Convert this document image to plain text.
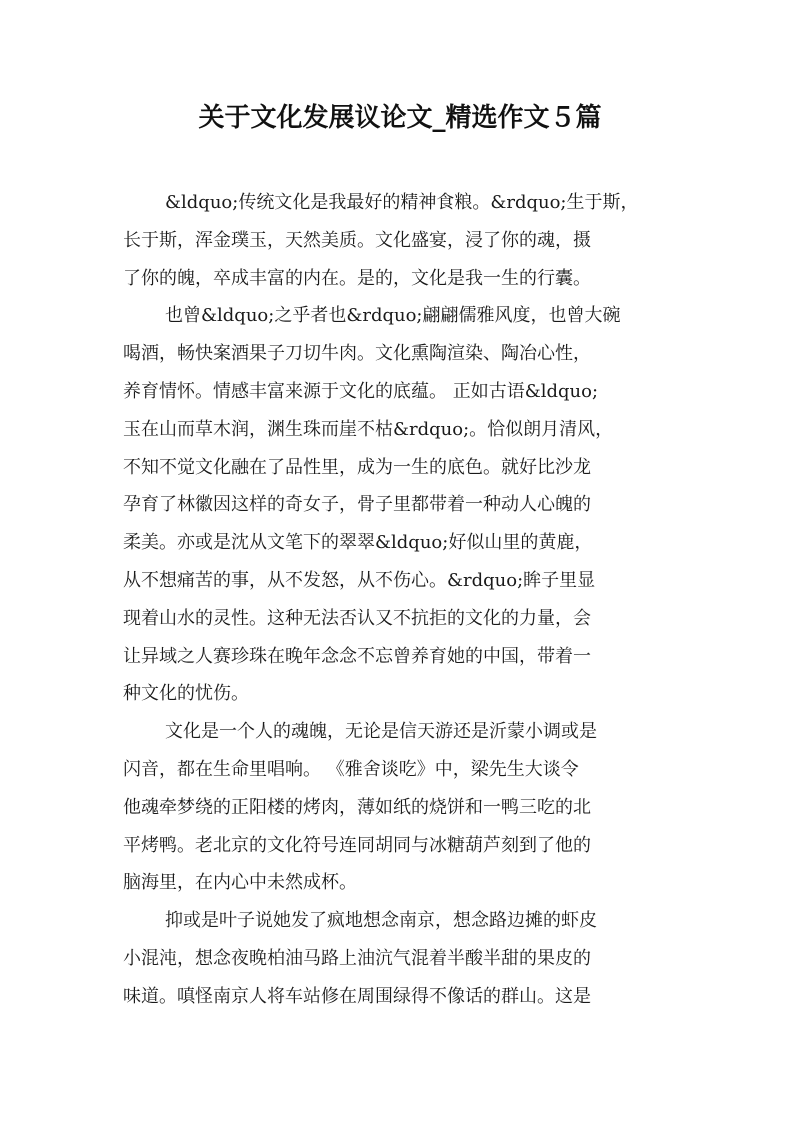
关于文化发展议论文_精选作文５篇
&ldquo;传统文化是我最好的精神食粮。&rdquo;生于斯，
长于斯，浑金璞玉，天然美质。文化盛宴，浸了你的魂，摄
了你的魄，卒成丰富的内在。是的，文化是我一生的行囊。
也曾&ldquo;之乎者也&rdquo;翩翩儒雅风度，也曾大碗
喝酒，畅快案酒果子刀切牛肉。文化熏陶渲染、陶冶心性，
养育情怀。情感丰富来源于文化的底蕴。 正如古语&ldquo;
玉在山而草木润，渊生珠而崖不枯&rdquo;。恰似朗月清风，
不知不觉文化融在了品性里，成为一生的底色。就好比沙龙
孕育了林徽因这样的奇女子，骨子里都带着一种动人心魄的
柔美。亦或是沈从文笔下的翠翠&ldquo;好似山里的黄鹿，
从不想痛苦的事，从不发怒，从不伤心。&rdquo;眸子里显
现着山水的灵性。这种无法否认又不抗拒的文化的力量，会
让异域之人赛珍珠在晚年念念不忘曾养育她的中国，带着一
种文化的忧伤。
文化是一个人的魂魄，无论是信天游还是沂蒙小调或是
闪音，都在生命里唱响。 《雅舍谈吃》中，梁先生大谈令
他魂牵梦绕的正阳楼的烤肉，薄如纸的烧饼和一鸭三吃的北
平烤鸭。老北京的文化符号连同胡同与冰糖葫芦刻到了他的
脑海里，在内心中未然成杯。
抑或是叶子说她发了疯地想念南京，想念路边摊的虾皮
小混沌，想念夜晚柏油马路上油沆气混着半酸半甜的果皮的
味道。嗔怪南京人将车站修在周围绿得不像话的群山。这是
